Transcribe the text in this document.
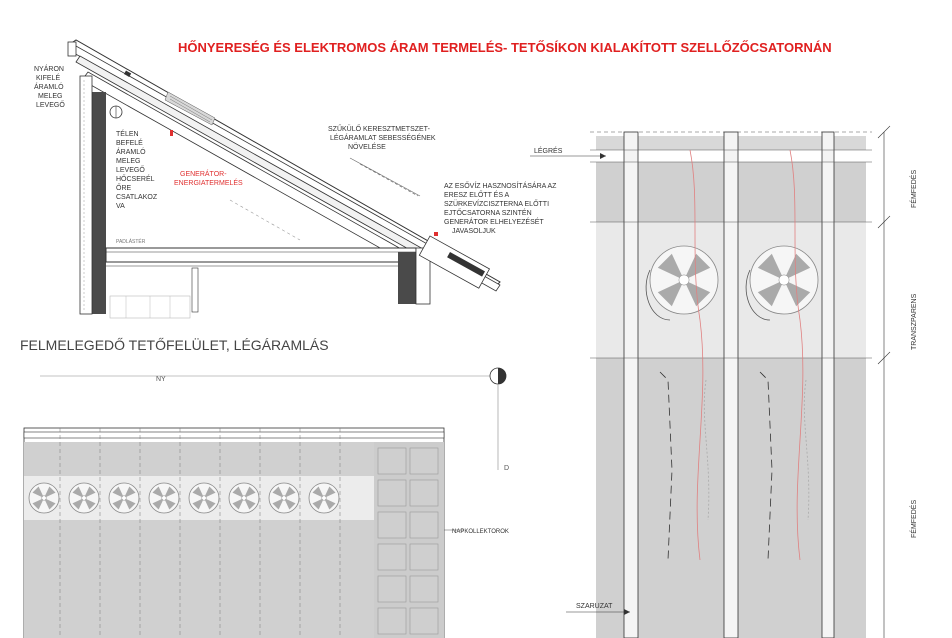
HŐNYERESÉG ÉS ELEKTROMOS ÁRAM TERMELÉS- TETŐSÍKON KIALAKÍTOTT SZELLŐZŐCSATORNÁN
NYÁRON
KIFELÉ
ÁRAMLÓ
MELEG
LEVEGŐ
TÉLEN
BEFELÉ
ÁRAMLÓ
MELEG
LEVEGŐ
HŐCSERÉL
ŐRE
CSATLAKOZ
VA
GENERÁTOR-
ENERGIATERMELÉS
SZŰKÜLŐ KERESZTMETSZET-
LÉGÁRAMLAT SEBESSÉGÉNEK
NÖVELÉSE
AZ ESŐVÍZ HASZNOSÍTÁSÁRA AZ
ERESZ ELŐTT ÉS A
SZÜRKEVÍZCISZTERNA ELŐTTI
EJTŐCSATORNA SZINTÉN
GENERÁTOR ELHELYEZÉSÉT
JAVASOLJUK
PADLÁSTÉR
FELMELEGEDŐ TETŐFELÜLET, LÉGÁRAMLÁS
NY
D
NAPKOLLEKTOROK
LÉGRÉS
SZARUZAT
FÉMFEDÉS
TRANSZPARENS
FÉMFEDÉS
